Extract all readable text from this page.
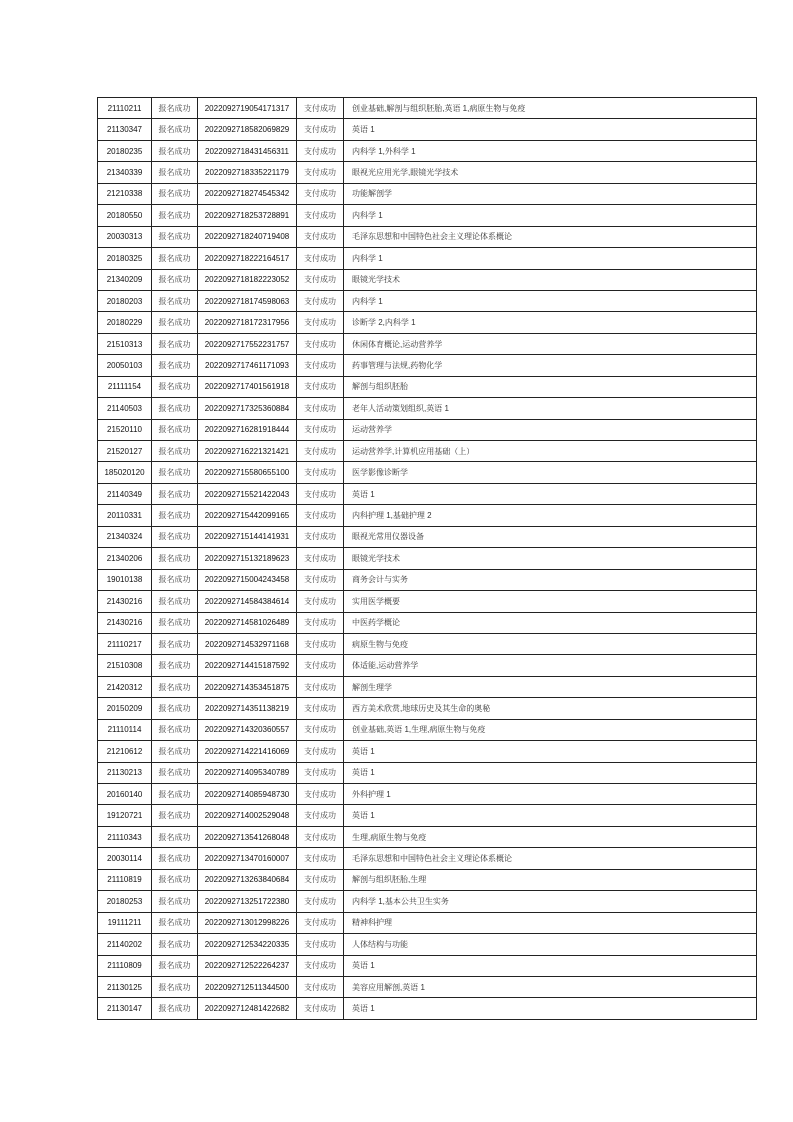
21110211	报名成功	2022092719054171317	支付成功	创业基础,解剖与组织胚胎,英语 1,病原生物与免疫
21130347	报名成功	2022092718582069829	支付成功	英语 1
20180235	报名成功	2022092718431456311	支付成功	内科学 1,外科学 1
21340339	报名成功	2022092718335221179	支付成功	眼视光应用光学,眼镜光学技术
21210338	报名成功	2022092718274545342	支付成功	功能解剖学
20180550	报名成功	2022092718253728891	支付成功	内科学 1
20030313	报名成功	2022092718240719408	支付成功	毛泽东思想和中国特色社会主义理论体系概论
20180325	报名成功	2022092718222164517	支付成功	内科学 1
21340209	报名成功	2022092718182223052	支付成功	眼镜光学技术
20180203	报名成功	2022092718174598063	支付成功	内科学 1
20180229	报名成功	2022092718172317956	支付成功	诊断学 2,内科学 1
21510313	报名成功	2022092717552231757	支付成功	休闲体育概论,运动营养学
20050103	报名成功	2022092717461171093	支付成功	药事管理与法规,药物化学
21111154	报名成功	2022092717401561918	支付成功	解剖与组织胚胎
21140503	报名成功	2022092717325360884	支付成功	老年人活动策划组织,英语 1
21520110	报名成功	2022092716281918444	支付成功	运动营养学
21520127	报名成功	2022092716221321421	支付成功	运动营养学,计算机应用基础（上）
185020120	报名成功	2022092715580655100	支付成功	医学影像诊断学
21140349	报名成功	2022092715521422043	支付成功	英语 1
20110331	报名成功	2022092715442099165	支付成功	内科护理 1,基础护理 2
21340324	报名成功	2022092715144141931	支付成功	眼视光常用仪器设备
21340206	报名成功	2022092715132189623	支付成功	眼镜光学技术
19010138	报名成功	2022092715004243458	支付成功	商务会计与实务
21430216	报名成功	2022092714584384614	支付成功	实用医学概要
21430216	报名成功	2022092714581026489	支付成功	中医药学概论
21110217	报名成功	2022092714532971168	支付成功	病原生物与免疫
21510308	报名成功	2022092714415187592	支付成功	体适能,运动营养学
21420312	报名成功	2022092714353451875	支付成功	解剖生理学
20150209	报名成功	2022092714351138219	支付成功	西方美术欣赏,地球历史及其生命的奥秘
21110114	报名成功	2022092714320360557	支付成功	创业基础,英语 1,生理,病原生物与免疫
21210612	报名成功	2022092714221416069	支付成功	英语 1
21130213	报名成功	2022092714095340789	支付成功	英语 1
20160140	报名成功	2022092714085948730	支付成功	外科护理 1
19120721	报名成功	2022092714002529048	支付成功	英语 1
21110343	报名成功	2022092713541268048	支付成功	生理,病原生物与免疫
20030114	报名成功	2022092713470160007	支付成功	毛泽东思想和中国特色社会主义理论体系概论
21110819	报名成功	2022092713263840684	支付成功	解剖与组织胚胎,生理
20180253	报名成功	2022092713251722380	支付成功	内科学 1,基本公共卫生实务
19111211	报名成功	2022092713012998226	支付成功	精神科护理
21140202	报名成功	2022092712534220335	支付成功	人体结构与功能
21110809	报名成功	2022092712522264237	支付成功	英语 1
21130125	报名成功	2022092712511344500	支付成功	美容应用解剖,英语 1
21130147	报名成功	2022092712481422682	支付成功	英语 1
